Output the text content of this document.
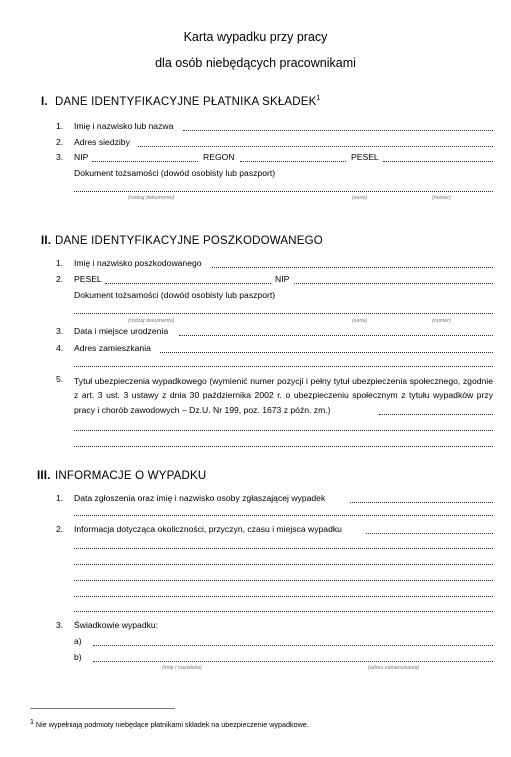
Karta wypadku przy pracy
dla osób niebędących pracownikami
I. DANE IDENTYFIKACYJNE PŁATNIKA SKŁADEK$^1$
1. Imię i nazwisko lub nazwa
2. Adres siedziby
3. NIP	REGON	PESEL
Dokument tożsamości (dowód osobisty lub paszport)
(rodzaj dokumentu)	(seria)	(numer)
II. DANE IDENTYFIKACYJNE POSZKODOWANEGO
1. Imię i nazwisko poszkodowanego
2. PESEL	NIP
Dokument tożsamości (dowód osobisty lub paszport)
(rodzaj dokumentu)	(seria)	(numer)
3. Data i miejsce urodzenia
4. Adres zamieszkania
5. Tytuł ubezpieczenia wypadkowego (wymienić numer pozycji i pełny tytuł ubezpieczenia społecznego, zgodnie z art. 3 ust. 3 ustawy z dnia 30 października 2002 r. o ubezpieczeniu społecznym z tytułu wypadków przy pracy i chorób zawodowych – Dz.U. Nr 199, poz. 1673 z późn. zm.)
III. INFORMACJE O WYPADKU
1. Data zgłoszenia oraz imię i nazwisko osoby zgłaszającej wypadek
2. Informacja dotycząca okoliczności, przyczyn, czasu i miejsca wypadku
3. Świadkowie wypadku:
a)
b)
(imię i nazwisko)	(adres zamieszkania)
1 Nie wypełniają podmioty niebędące płatnikami składek na ubezpieczenie wypadkowe.
